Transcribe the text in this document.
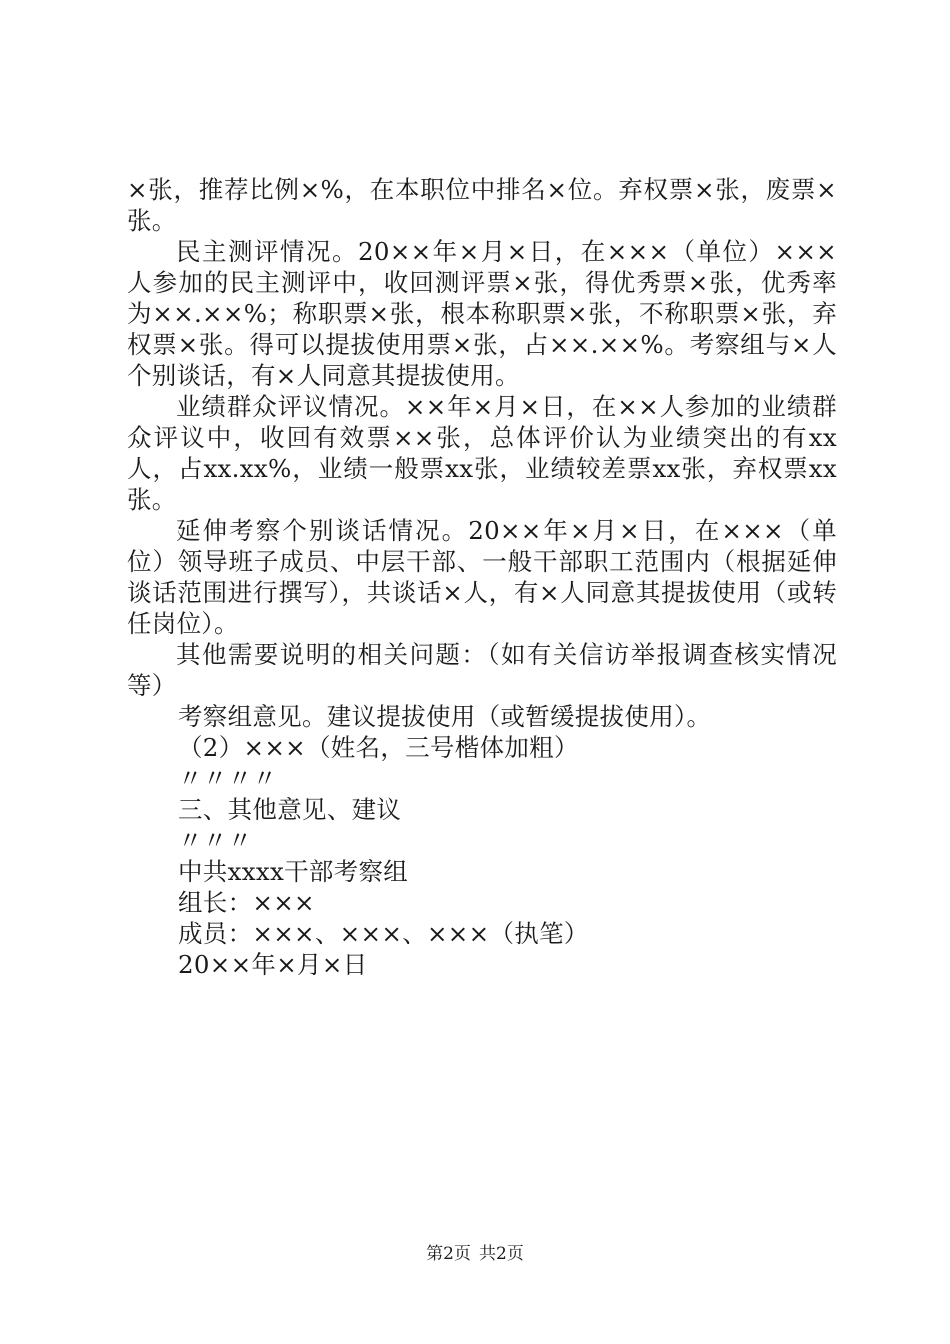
×张，推荐比例×%，在本职位中排名×位。弃权票×张，废票×张。

民主测评情况。20××年×月×日，在×××（单位）×××人参加的民主测评中，收回测评票×张，得优秀票×张，优秀率为××.××%；称职票×张，根本称职票×张，不称职票×张，弃权票×张。得可以提拔使用票×张，占××.××%。考察组与×人个别谈话，有×人同意其提拔使用。

业绩群众评议情况。××年×月×日，在××人参加的业绩群众评议中，收回有效票××张，总体评价认为业绩突出的有xx人，占xx.xx%，业绩一般票xx张，业绩较差票xx张，弃权票xx张。

延伸考察个别谈话情况。20××年×月×日，在×××（单位）领导班子成员、中层干部、一般干部职工范围内（根据延伸谈话范围进行撰写），共谈话×人，有×人同意其提拔使用（或转任岗位）。

其他需要说明的相关问题：（如有关信访举报调查核实情况等）

考察组意见。建议提拔使用（或暂缓提拔使用）。

（2）×××（姓名，三号楷体加粗）

〃〃〃〃

三、其他意见、建议

〃〃〃

中共xxxx干部考察组

组长：×××

成员：×××、×××、×××（执笔）

20××年×月×日

第2页 共2页
